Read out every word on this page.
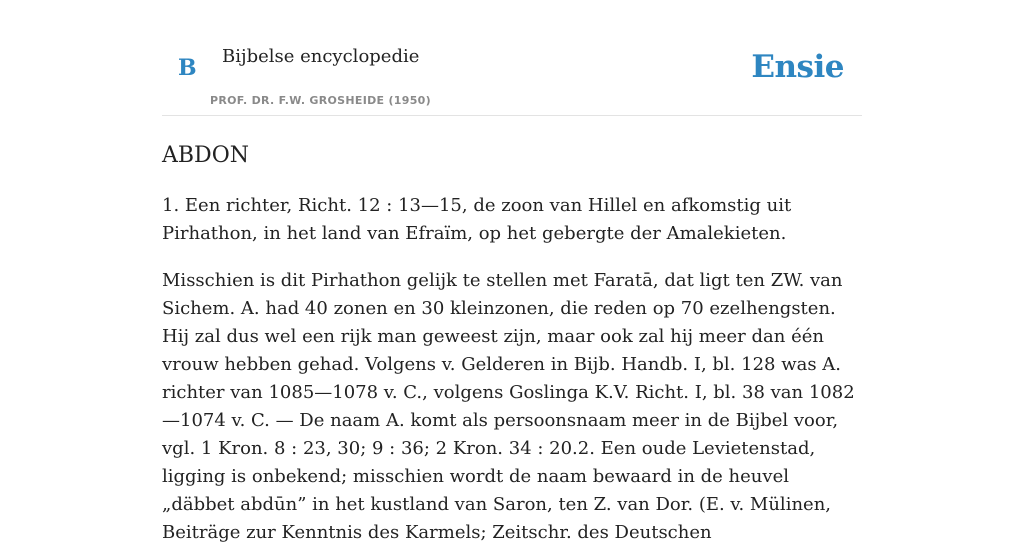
B Bijbelse encyclopedie
PROF. DR. F.W. GROSHEIDE (1950)
Ensie
ABDON

1. Een richter, Richt. 12 : 13—15, de zoon van Hillel en afkomstig uit Pirhathon, in het land van Efraïm, op het gebergte der Amalekieten.

Misschien is dit Pirhathon gelijk te stellen met Faratā, dat ligt ten ZW. van Sichem. A. had 40 zonen en 30 kleinzonen, die reden op 70 ezelhengsten. Hij zal dus wel een rijk man geweest zijn, maar ook zal hij meer dan één vrouw hebben gehad. Volgens v. Gelderen in Bijb. Handb. I, bl. 128 was A. richter van 1085—1078 v. C., volgens Goslinga K.V. Richt. I, bl. 38 van 1082—1074 v. C. — De naam A. komt als persoonsnaam meer in de Bijbel voor, vgl. 1 Kron. 8 : 23, 30; 9 : 36; 2 Kron. 34 : 20.2. Een oude Levietenstad, ligging is onbekend; misschien wordt de naam bewaard in de heuvel „däbbet abdūn” in het kustland van Saron, ten Z. van Dor. (E. v. Mülinen, Beiträge zur Kenntnis des Karmels; Zeitschr. des Deutschen
